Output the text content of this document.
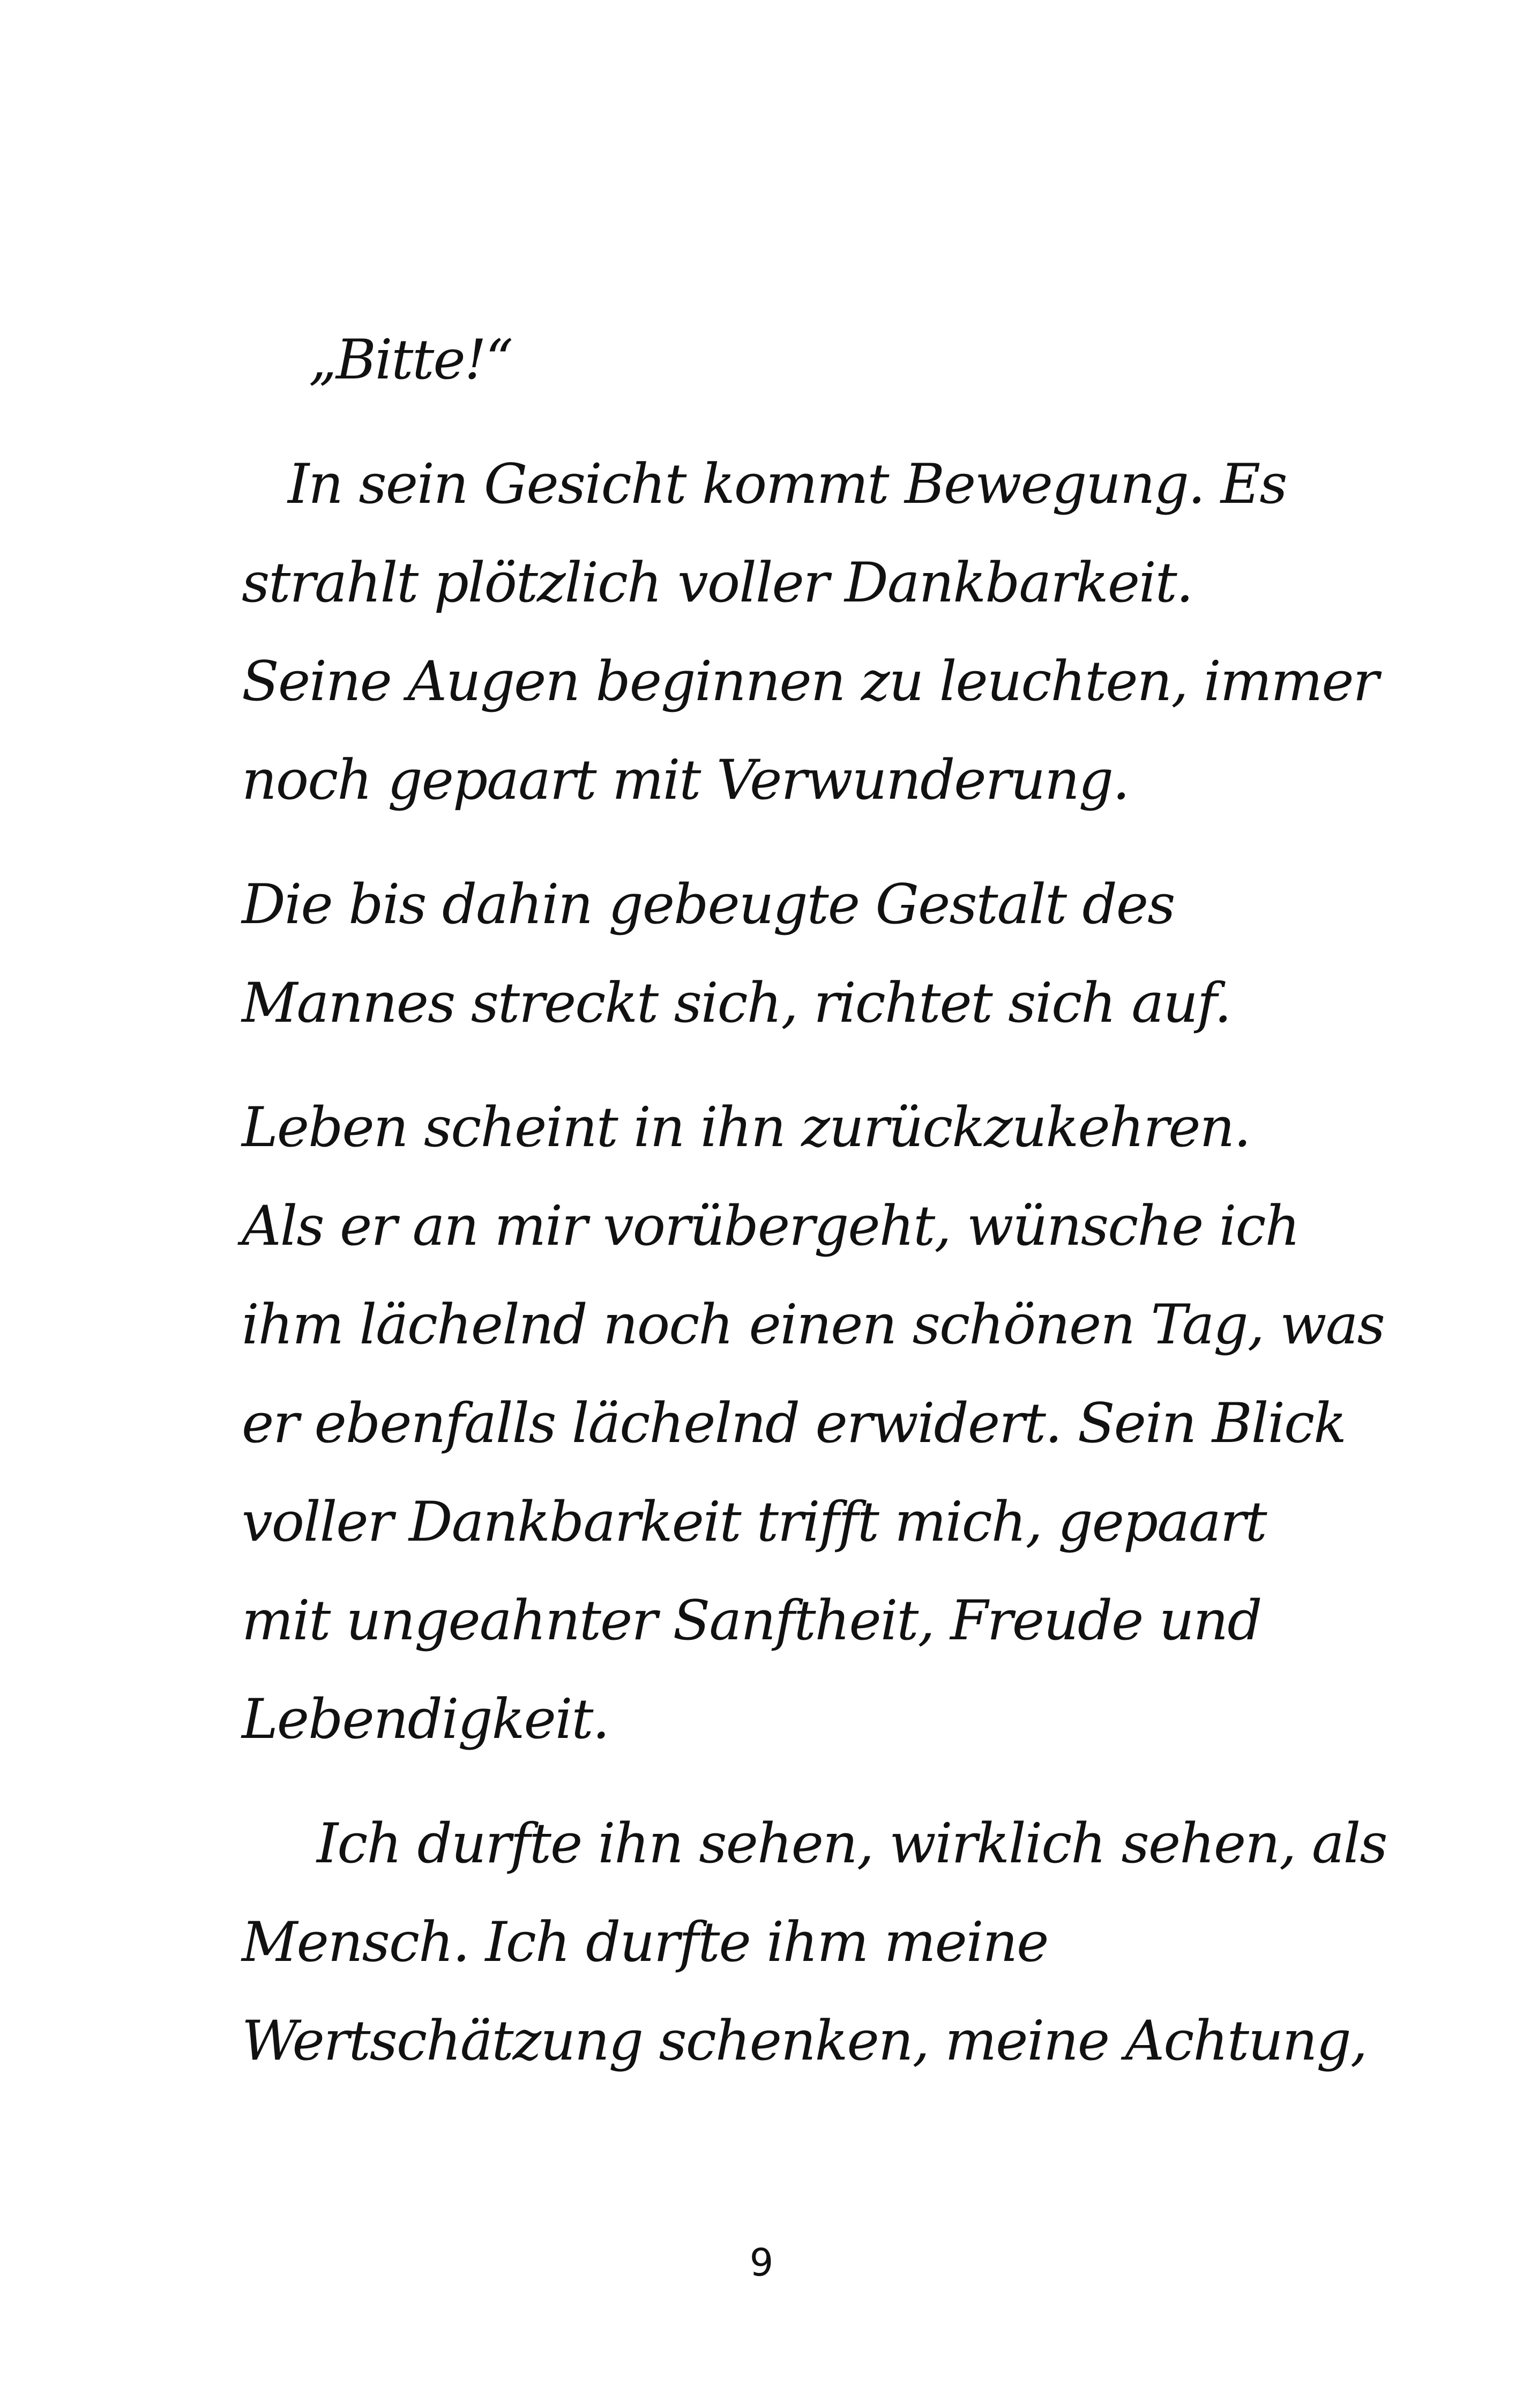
„Bitte!“

In sein Gesicht kommt Bewegung. Es
strahlt plötzlich voller Dankbarkeit.
Seine Augen beginnen zu leuchten, immer
noch gepaart mit Verwunderung.

Die bis dahin gebeugte Gestalt des
Mannes streckt sich, richtet sich auf.

Leben scheint in ihn zurückzukehren.
Als er an mir vorübergeht, wünsche ich
ihm lächelnd noch einen schönen Tag, was
er ebenfalls lächelnd erwidert. Sein Blick
voller Dankbarkeit trifft mich, gepaart
mit ungeahnter Sanftheit, Freude und
Lebendigkeit.

Ich durfte ihn sehen, wirklich sehen, als
Mensch. Ich durfte ihm meine
Wertschätzung schenken, meine Achtung,

9
